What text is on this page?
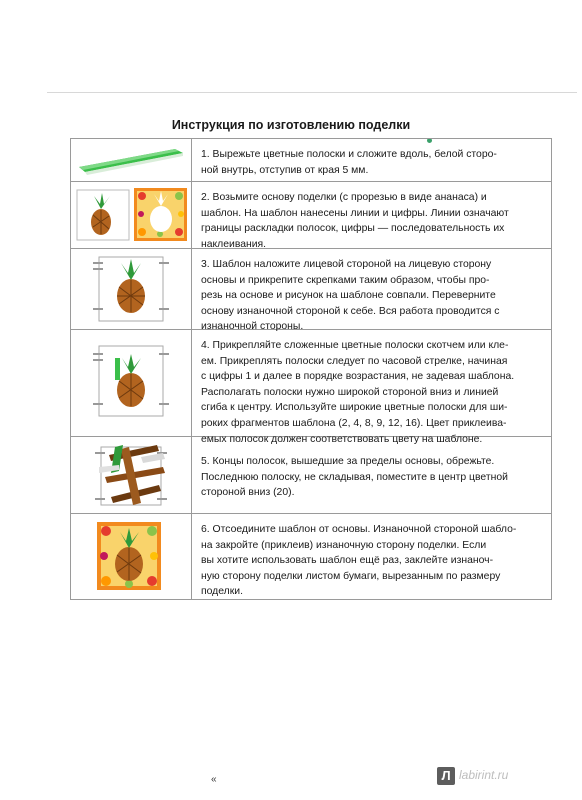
Инструкция по изготовлению поделки
1. Вырежьте цветные полоски и сложите вдоль, белой сторо-
ной внутрь, отступив от края 5 мм.
2. Возьмите основу поделки (с прорезью в виде ананаса) и
шаблон. На шаблон нанесены линии и цифры. Линии означают
границы раскладки полосок, цифры — последовательность их
наклеивания.
3. Шаблон наложите лицевой стороной на лицевую сторону
основы и прикрепите скрепками таким образом, чтобы про-
резь на основе и рисунок на шаблоне совпали. Переверните
основу изнаночной стороной к себе. Вся работа проводится с
изнаночной стороны.
4. Прикрепляйте сложенные цветные полоски скотчем или кле-
ем. Прикреплять полоски следует по часовой стрелке, начиная
с цифры 1 и далее в порядке возрастания, не задевая шаблона.
Располагать полоски нужно широкой стороной вниз и линией
сгиба к центру. Используйте широкие цветные полоски для ши-
роких фрагментов шаблона (2, 4, 8, 9, 12, 16). Цвет приклеива-
емых полосок должен соответствовать цвету на шаблоне.
5. Концы полосок, вышедшие за пределы основы, обрежьте.
Последнюю полоску, не складывая, поместите в центр цветной
стороной вниз (20).
6. Отсоедините шаблон от основы. Изнаночной стороной шабло-
на закройте (приклеив) изнаночную сторону поделки. Если
вы хотите использовать шаблон ещё раз, заклейте изнаноч-
ную сторону поделки листом бумаги, вырезанным по размеру
поделки.
«	Л labirint.ru
